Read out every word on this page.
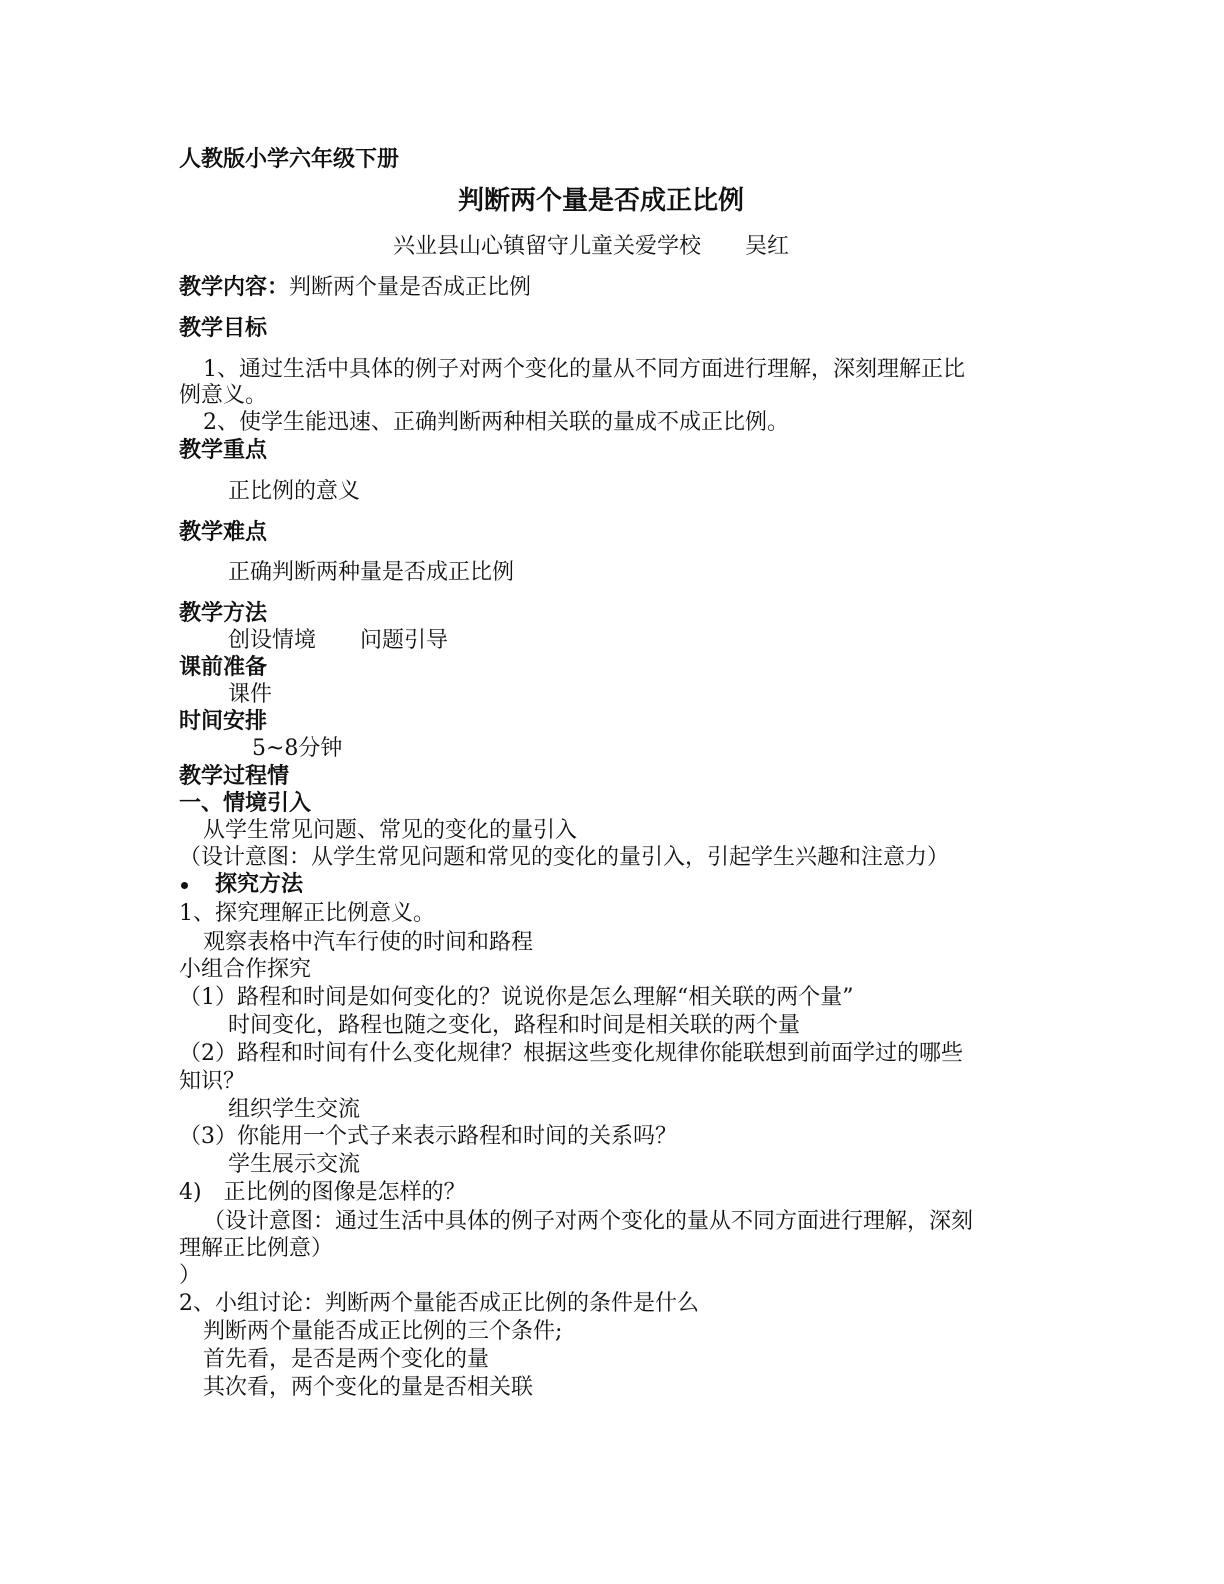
人教版小学六年级下册
判断两个量是否成正比例
兴业县山心镇留守儿童关爱学校　　吴红
教学内容：判断两个量是否成正比例
教学目标
1、通过生活中具体的例子对两个变化的量从不同方面进行理解，深刻理解正比
例意义。
2、使学生能迅速、正确判断两种相关联的量成不成正比例。
教学重点
正比例的意义
教学难点
正确判断两种量是否成正比例
教学方法
创设情境　　问题引导
课前准备
课件
时间安排
5~8分钟
教学过程情
一、情境引入
从学生常见问题、常见的变化的量引入
（设计意图：从学生常见问题和常见的变化的量引入，引起学生兴趣和注意力）
探究方法
1、探究理解正比例意义。
观察表格中汽车行使的时间和路程
小组合作探究
（1）路程和时间是如何变化的？说说你是怎么理解“相关联的两个量”
时间变化，路程也随之变化，路程和时间是相关联的两个量
（2）路程和时间有什么变化规律？根据这些变化规律你能联想到前面学过的哪些
知识？
组织学生交流
（3）你能用一个式子来表示路程和时间的关系吗？
学生展示交流
4)　正比例的图像是怎样的？
（设计意图：通过生活中具体的例子对两个变化的量从不同方面进行理解，深刻
理解正比例意）
）
2、小组讨论：判断两个量能否成正比例的条件是什么
判断两个量能否成正比例的三个条件;
首先看，是否是两个变化的量
其次看，两个变化的量是否相关联
